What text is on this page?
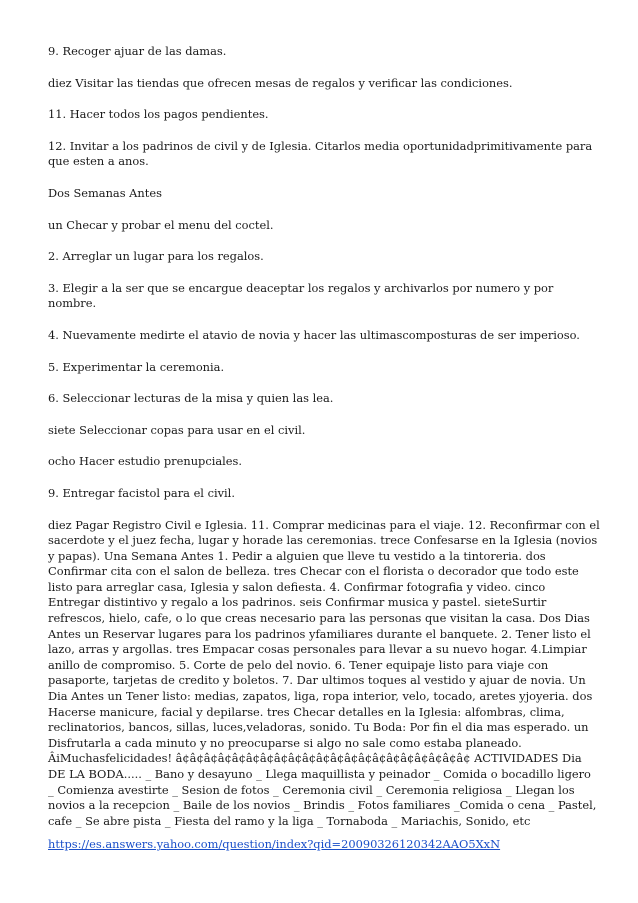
9. Recoger ajuar de las damas.

diez Visitar las tiendas que ofrecen mesas de regalos y verificar las condiciones.

11. Hacer todos los pagos pendientes.

12. Invitar a los padrinos de civil y de Iglesia. Citarlos media oportunidadprimitivamente para que esten a anos.

Dos Semanas Antes

un Checar y probar el menu del coctel.

2. Arreglar un lugar para los regalos.

3. Elegir a la ser que se encargue deaceptar los regalos y archivarlos por numero y por nombre.

4. Nuevamente medirte el atavio de novia y hacer las ultimascomposturas de ser imperioso.

5. Experimentar la ceremonia.

6. Seleccionar lecturas de la misa y quien las lea.

siete Seleccionar copas para usar en el civil.

ocho Hacer estudio prenupciales.

9. Entregar facistol para el civil.

diez Pagar Registro Civil e Iglesia. 11. Comprar medicinas para el viaje. 12. Reconfirmar con el sacerdote y el juez fecha, lugar y horade las ceremonias. trece Confesarse en la Iglesia (novios y papas). Una Semana Antes 1. Pedir a alguien que lleve tu vestido a la tintoreria. dos Confirmar cita con el salon de belleza. tres Checar con el florista o decorador que todo este listo para arreglar casa, Iglesia y salon defiesta. 4. Confirmar fotografia y video. cinco Entregar distintivo y regalo a los padrinos. seis Confirmar musica y pastel. sieteSurtir refrescos, hielo, cafe, o lo que creas necesario para las personas que visitan la casa. Dos Dias Antes un Reservar lugares para los padrinos yfamiliares durante el banquete. 2. Tener listo el lazo, arras y argollas. tres Empacar cosas personales para llevar a su nuevo hogar. 4.Limpiar anillo de compromiso. 5. Corte de pelo del novio. 6. Tener equipaje listo para viaje con pasaporte, tarjetas de credito y boletos. 7. Dar ultimos toques al vestido y ajuar de novia. Un Dia Antes un Tener listo: medias, zapatos, liga, ropa interior, velo, tocado, aretes yjoyeria. dos Hacerse manicure, facial y depilarse. tres Checar detalles en la Iglesia: alfombras, clima, reclinatorios, bancos, sillas, luces,veladoras, sonido. Tu Boda: Por fin el dia mas esperado. un Disfrutarla a cada minuto y no preocuparse si algo no sale como estaba planeado. ÂiMuchasfelicidades! â¢â¢â¢â¢â¢â¢â¢â¢â¢â¢â¢â¢â¢â¢â¢â¢â¢â¢â¢â¢â¢ ACTIVIDADES Dia DE LA BODA..... _ Bano y desayuno _ Llega maquillista y peinador _ Comida o bocadillo ligero _ Comienza avestirte _ Sesion de fotos _ Ceremonia civil _ Ceremonia religiosa _ Llegan los novios a la recepcion _ Baile de los novios _ Brindis _ Fotos familiares _Comida o cena _ Pastel, cafe _ Se abre pista _ Fiesta del ramo y la liga _ Tornaboda _ Mariachis, Sonido, etc

https://es.answers.yahoo.com/question/index?qid=20090326120342AAO5XxN
